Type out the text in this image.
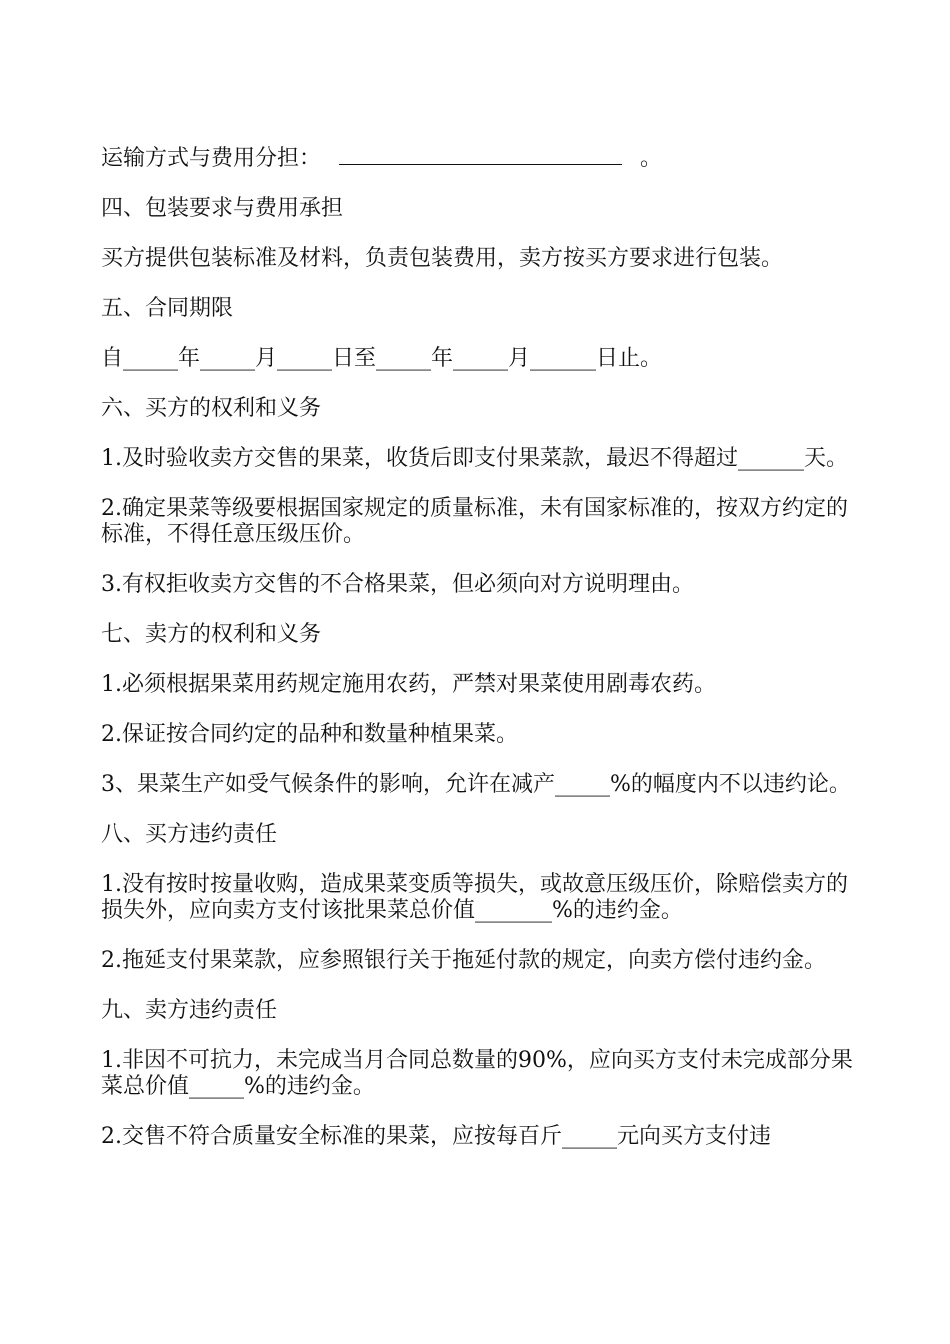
运输方式与费用分担：	。

四、包装要求与费用承担

买方提供包装标准及材料，负责包装费用，卖方按买方要求进行包装。

五、合同期限

自_____年_____月_____日至_____年_____月______日止。

六、买方的权利和义务

1.及时验收卖方交售的果菜，收货后即支付果菜款，最迟不得超过______天。

2.确定果菜等级要根据国家规定的质量标准，未有国家标准的，按双方约定的标准，不得任意压级压价。

3.有权拒收卖方交售的不合格果菜，但必须向对方说明理由。

七、卖方的权利和义务

1.必须根据果菜用药规定施用农药，严禁对果菜使用剧毒农药。

2.保证按合同约定的品种和数量种植果菜。

3、果菜生产如受气候条件的影响，允许在减产_____%的幅度内不以违约论。

八、买方违约责任

1.没有按时按量收购，造成果菜变质等损失，或故意压级压价，除赔偿卖方的损失外，应向卖方支付该批果菜总价值_______%的违约金。

2.拖延支付果菜款，应参照银行关于拖延付款的规定，向卖方偿付违约金。

九、卖方违约责任

1.非因不可抗力，未完成当月合同总数量的90%，应向买方支付未完成部分果菜总价值_____%的违约金。

2.交售不符合质量安全标准的果菜，应按每百斤_____元向买方支付违
